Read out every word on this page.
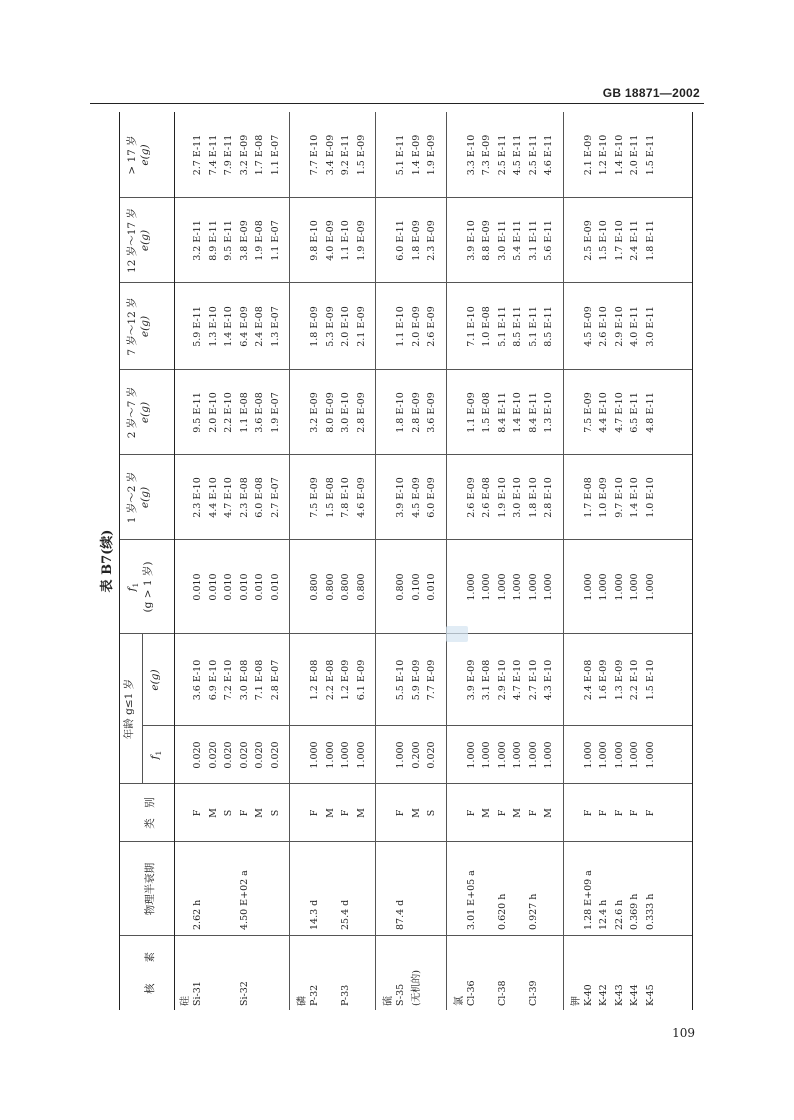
GB 18871—2002
表 B7(续)
核　　素
物理半衰期
类　别
年龄 g≤1 岁
$f_1$
e(g)
$f_1$ (g > 1 岁)
1 岁～2 岁
e(g)
2 岁～7 岁
e(g)
7 岁～12 岁
e(g)
12 岁～17 岁
e(g)
> 17 岁
e(g)
硅 Si-31
2.62 h
F
0.020
3.6 E-10
0.010
2.3 E-10
9.5 E-11
5.9 E-11
3.2 E-11
2.7 E-11
M
0.020
6.9 E-10
0.010
4.4 E-10
2.0 E-10
1.3 E-10
8.9 E-11
7.4 E-11
S
0.020
7.2 E-10
0.010
4.7 E-10
2.2 E-10
1.4 E-10
9.5 E-11
7.9 E-11
Si-32
4.50 E+02 a
F
0.020
3.0 E-08
0.010
2.3 E-08
1.1 E-08
6.4 E-09
3.8 E-09
3.2 E-09
M
0.020
7.1 E-08
0.010
6.0 E-08
3.6 E-08
2.4 E-08
1.9 E-08
1.7 E-08
S
0.020
2.8 E-07
0.010
2.7 E-07
1.9 E-07
1.3 E-07
1.1 E-07
1.1 E-07
磷 P-32
14.3 d
F
1.000
1.2 E-08
0.800
7.5 E-09
3.2 E-09
1.8 E-09
9.8 E-10
7.7 E-10
M
1.000
2.2 E-08
0.800
1.5 E-08
8.0 E-09
5.3 E-09
4.0 E-09
3.4 E-09
P-33
25.4 d
F
1.000
1.2 E-09
0.800
7.8 E-10
3.0 E-10
2.0 E-10
1.1 E-10
9.2 E-11
M
1.000
6.1 E-09
0.800
4.6 E-09
2.8 E-09
2.1 E-09
1.9 E-09
1.5 E-09
硫 S-35
87.4 d
F
1.000
5.5 E-10
0.800
3.9 E-10
1.8 E-10
1.1 E-10
6.0 E-11
5.1 E-11
(无机的)
M
0.200
5.9 E-09
0.100
4.5 E-09
2.8 E-09
2.0 E-09
1.8 E-09
1.4 E-09
S
0.020
7.7 E-09
0.010
6.0 E-09
3.6 E-09
2.6 E-09
2.3 E-09
1.9 E-09
氯 Cl-36
3.01 E+05 a
F
1.000
3.9 E-09
1.000
2.6 E-09
1.1 E-09
7.1 E-10
3.9 E-10
3.3 E-10
M
1.000
3.1 E-08
1.000
2.6 E-08
1.5 E-08
1.0 E-08
8.8 E-09
7.3 E-09
Cl-38
0.620 h
F
1.000
2.9 E-10
1.000
1.9 E-10
8.4 E-11
5.1 E-11
3.0 E-11
2.5 E-11
M
1.000
4.7 E-10
1.000
3.0 E-10
1.4 E-10
8.5 E-11
5.4 E-11
4.5 E-11
Cl-39
0.927 h
F
1.000
2.7 E-10
1.000
1.8 E-10
8.4 E-11
5.1 E-11
3.1 E-11
2.5 E-11
M
1.000
4.3 E-10
1.000
2.8 E-10
1.3 E-10
8.5 E-11
5.6 E-11
4.6 E-11
钾 K-40
1.28 E+09 a
F
1.000
2.4 E-08
1.000
1.7 E-08
7.5 E-09
4.5 E-09
2.5 E-09
2.1 E-09
K-42
12.4 h
F
1.000
1.6 E-09
1.000
1.0 E-09
4.4 E-10
2.6 E-10
1.5 E-10
1.2 E-10
K-43
22.6 h
F
1.000
1.3 E-09
1.000
9.7 E-10
4.7 E-10
2.9 E-10
1.7 E-10
1.4 E-10
K-44
0.369 h
F
1.000
2.2 E-10
1.000
1.4 E-10
6.5 E-11
4.0 E-11
2.4 E-11
2.0 E-11
K-45
0.333 h
F
1.000
1.5 E-10
1.000
1.0 E-10
4.8 E-11
3.0 E-11
1.8 E-11
1.5 E-11
109
